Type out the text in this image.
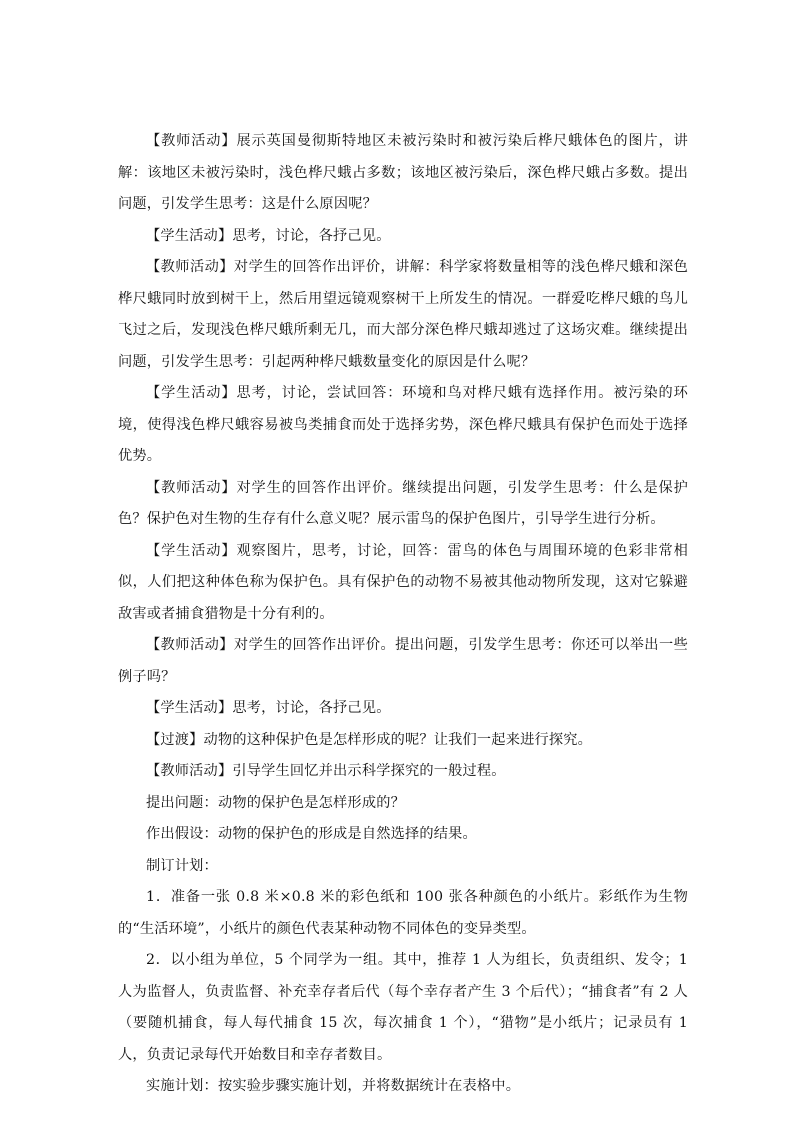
【教师活动】展示英国曼彻斯特地区未被污染时和被污染后桦尺蛾体色的图片，讲解：该地区未被污染时，浅色桦尺蛾占多数；该地区被污染后，深色桦尺蛾占多数。提出问题，引发学生思考：这是什么原因呢？

【学生活动】思考，讨论，各抒己见。

【教师活动】对学生的回答作出评价，讲解：科学家将数量相等的浅色桦尺蛾和深色桦尺蛾同时放到树干上，然后用望远镜观察树干上所发生的情况。一群爱吃桦尺蛾的鸟儿飞过之后，发现浅色桦尺蛾所剩无几，而大部分深色桦尺蛾却逃过了这场灾难。继续提出问题，引发学生思考：引起两种桦尺蛾数量变化的原因是什么呢？

【学生活动】思考，讨论，尝试回答：环境和鸟对桦尺蛾有选择作用。被污染的环境，使得浅色桦尺蛾容易被鸟类捕食而处于选择劣势，深色桦尺蛾具有保护色而处于选择优势。

【教师活动】对学生的回答作出评价。继续提出问题，引发学生思考：什么是保护色？保护色对生物的生存有什么意义呢？展示雷鸟的保护色图片，引导学生进行分析。

【学生活动】观察图片，思考，讨论，回答：雷鸟的体色与周围环境的色彩非常相似，人们把这种体色称为保护色。具有保护色的动物不易被其他动物所发现，这对它躲避敌害或者捕食猎物是十分有利的。

【教师活动】对学生的回答作出评价。提出问题，引发学生思考：你还可以举出一些例子吗？

【学生活动】思考，讨论，各抒己见。

【过渡】动物的这种保护色是怎样形成的呢？让我们一起来进行探究。

【教师活动】引导学生回忆并出示科学探究的一般过程。

提出问题：动物的保护色是怎样形成的？

作出假设：动物的保护色的形成是自然选择的结果。

制订计划：

1．准备一张 0.8 米×0.8 米的彩色纸和 100 张各种颜色的小纸片。彩纸作为生物的“生活环境”，小纸片的颜色代表某种动物不同体色的变异类型。

2．以小组为单位，5 个同学为一组。其中，推荐 1 人为组长，负责组织、发令；1 人为监督人，负责监督、补充幸存者后代（每个幸存者产生 3 个后代）；“捕食者”有 2 人（要随机捕食，每人每代捕食 15 次，每次捕食 1 个），“猎物”是小纸片；记录员有 1 人，负责记录每代开始数目和幸存者数目。

实施计划：按实验步骤实施计划，并将数据统计在表格中。
